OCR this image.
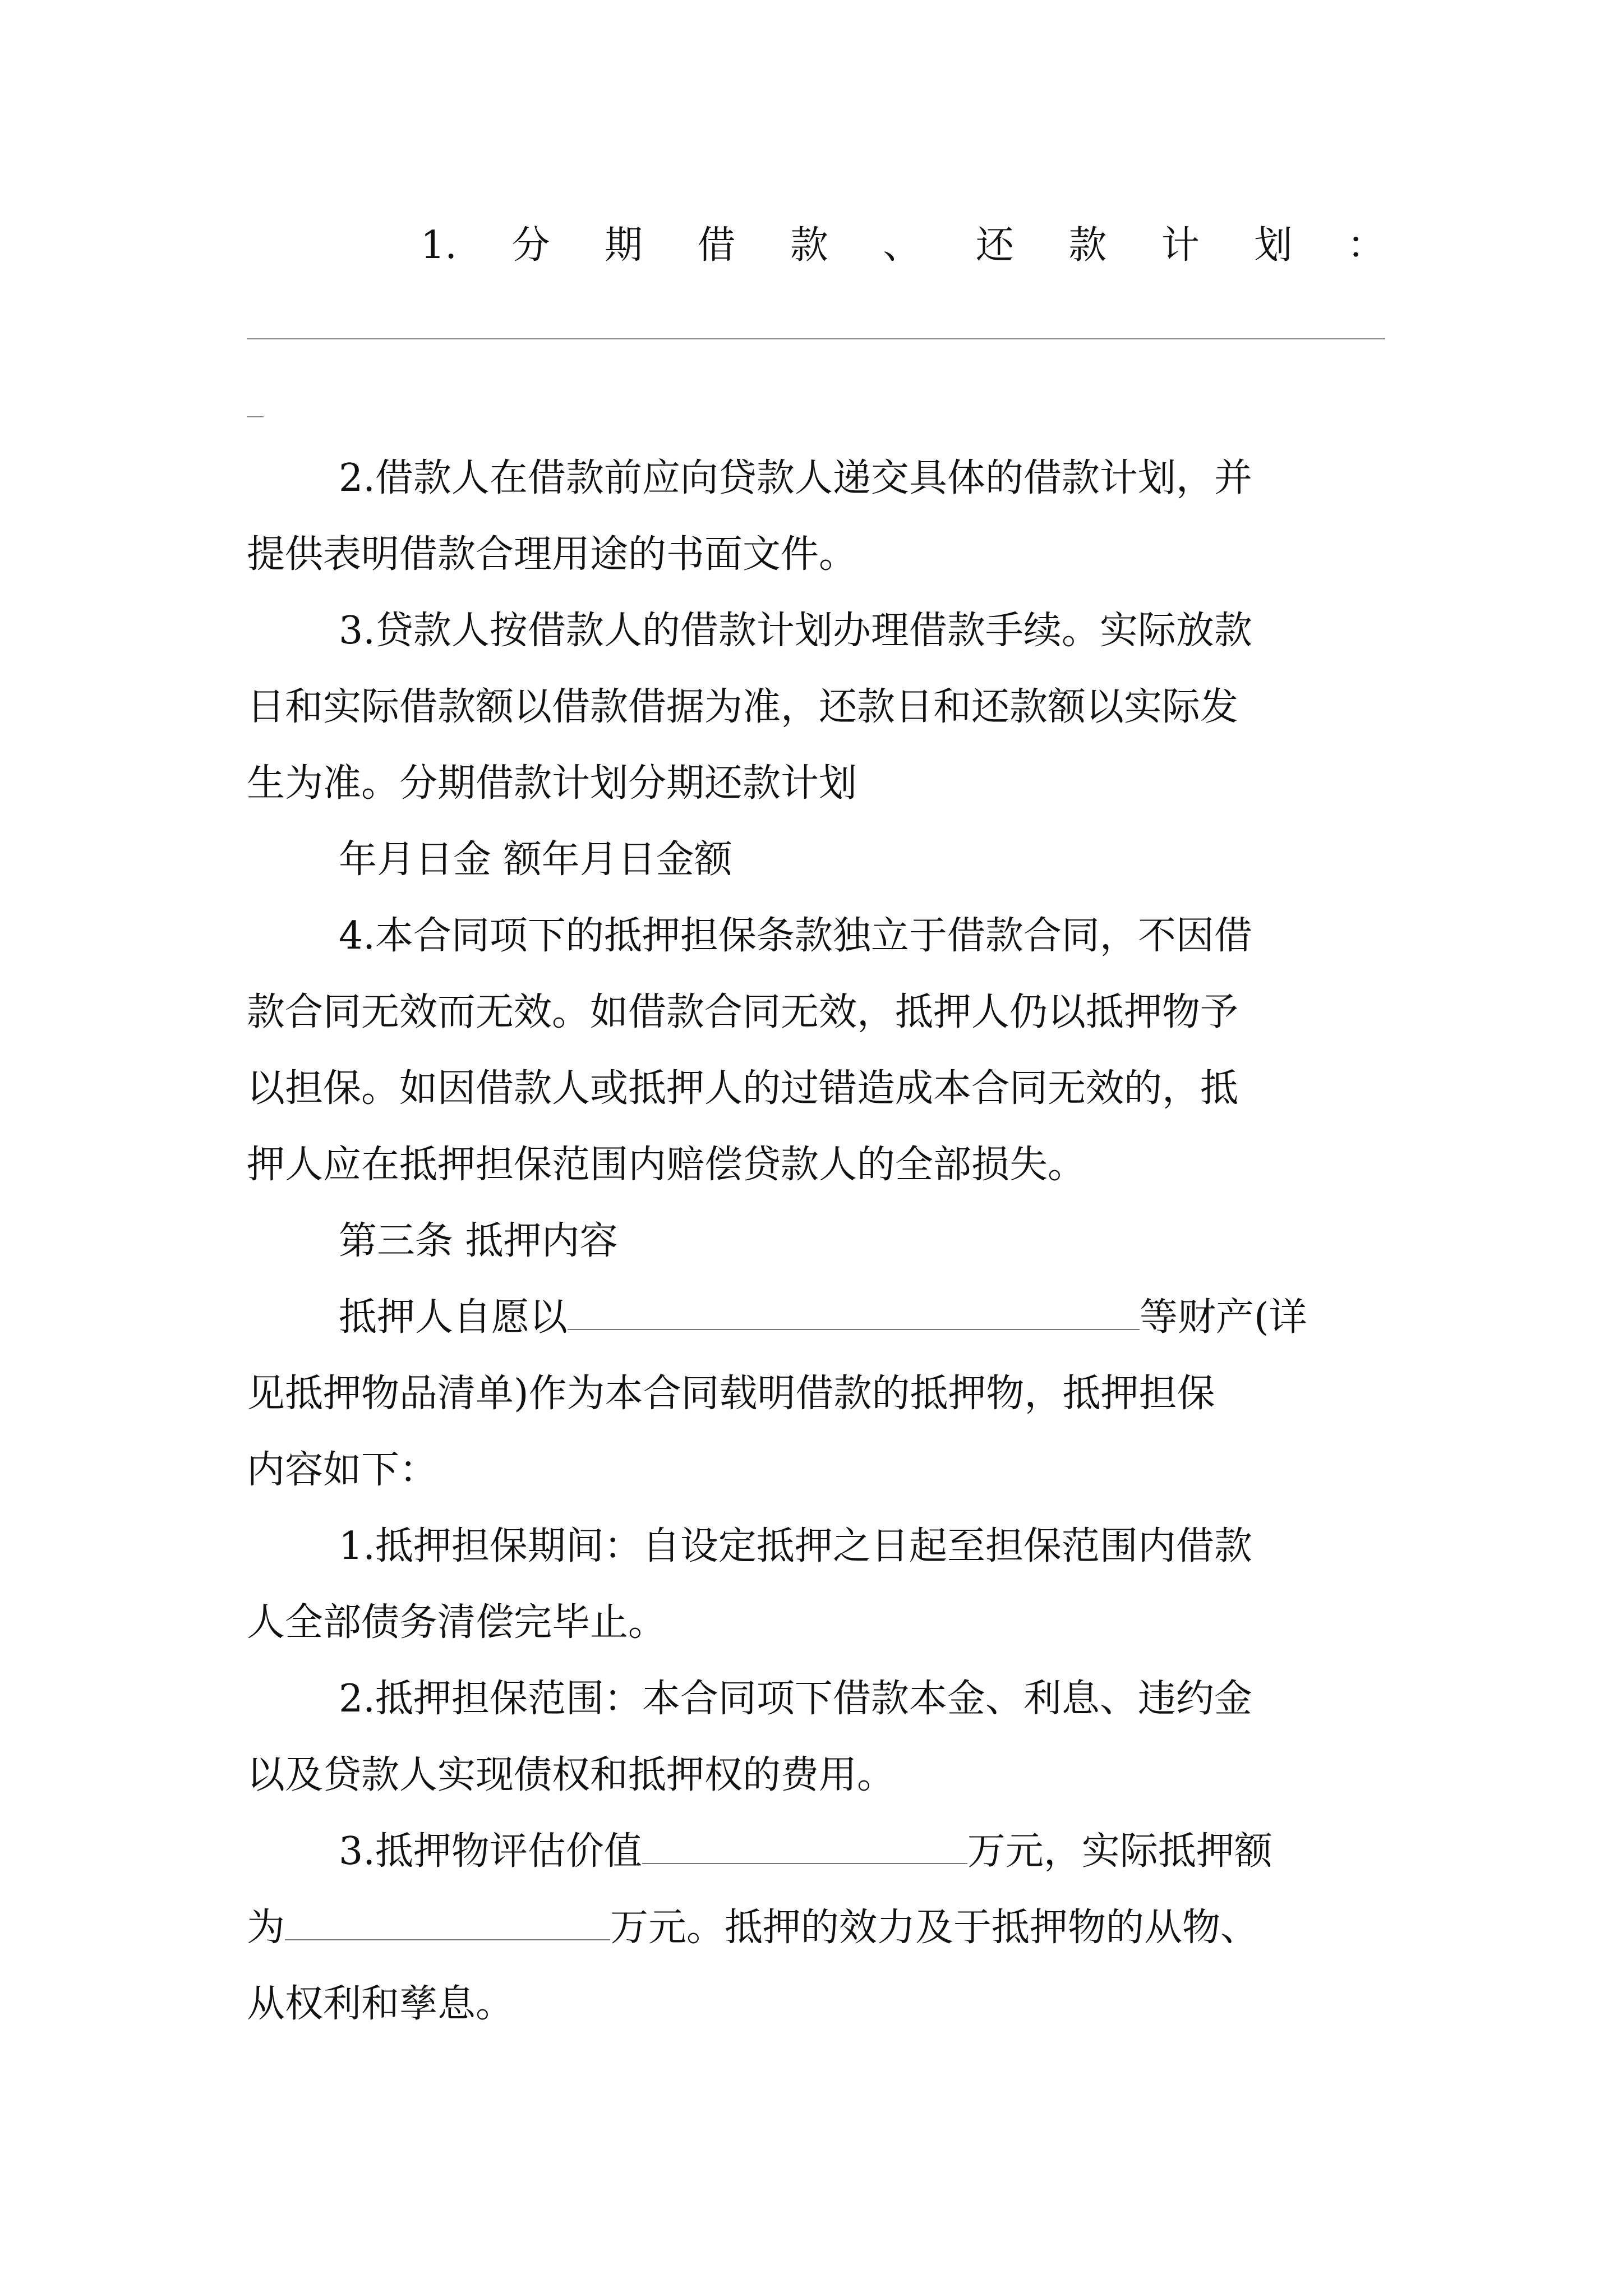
1. 分 期 借 款 、 还 款 计 划 ：
2.借款人在借款前应向贷款人递交具体的借款计划，并
提供表明借款合理用途的书面文件。
3.贷款人按借款人的借款计划办理借款手续。实际放款
日和实际借款额以借款借据为准，还款日和还款额以实际发
生为准。分期借款计划分期还款计划
年月日金 额年月日金额
4.本合同项下的抵押担保条款独立于借款合同，不因借
款合同无效而无效。如借款合同无效，抵押人仍以抵押物予
以担保。如因借款人或抵押人的过错造成本合同无效的，抵
押人应在抵押担保范围内赔偿贷款人的全部损失。
第三条 抵押内容
抵押人自愿以	等财产(详
见抵押物品清单)作为本合同载明借款的抵押物，抵押担保
内容如下：
1.抵押担保期间：自设定抵押之日起至担保范围内借款
人全部债务清偿完毕止。
2.抵押担保范围：本合同项下借款本金、利息、违约金
以及贷款人实现债权和抵押权的费用。
3.抵押物评估价值	万元，实际抵押额
为	万元。抵押的效力及于抵押物的从物、
从权利和孳息。
